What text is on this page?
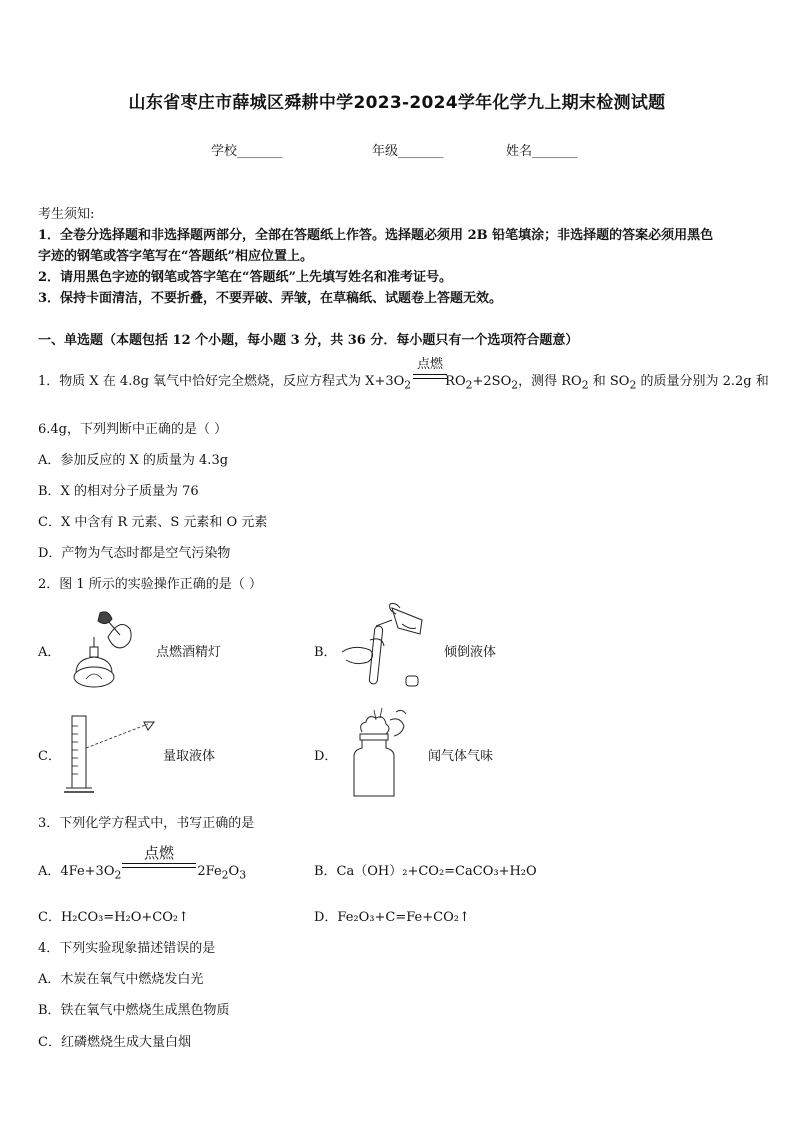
山东省枣庄市薛城区舜耕中学2023-2024学年化学九上期末检测试题
学校_______	年级_______	姓名_______
考生须知:
1．全卷分选择题和非选择题两部分，全部在答题纸上作答。选择题必须用 2B 铅笔填涂；非选择题的答案必须用黑色
字迹的钢笔或答字笔写在“答题纸”相应位置上。
2．请用黑色字迹的钢笔或答字笔在“答题纸”上先填写姓名和准考证号。
3．保持卡面清洁，不要折叠，不要弄破、弄皱，在草稿纸、试题卷上答题无效。
一、单选题（本题包括 12 个小题，每小题 3 分，共 36 分．每小题只有一个选项符合题意）
1．物质 X 在 4.8g 氧气中恰好完全燃烧，反应方程式为 $X+3O_2$	$RO_2+2SO_2$，测得 $RO_2$ 和 $SO_2$ 的质量分别为 2.2g 和
点燃
6.4g，下列判断中正确的是（ ）
A．参加反应的 X 的质量为 4.3g
B．X 的相对分子质量为 76
C．X 中含有 R 元素、S 元素和 O 元素
D．产物为气态时都是空气污染物
2．图 1 所示的实验操作正确的是（ ）
A．	点燃酒精灯	B．	倾倒液体
C．	量取液体	D．	闻气体气味
3．下列化学方程式中，书写正确的是
A．$4Fe+3O_2$	$2Fe_2O_3$
点燃
B．Ca（OH）₂+CO₂=CaCO₃+H₂O
C．H₂CO₃=H₂O+CO₂↑	D．Fe₂O₃+C=Fe+CO₂↑
4．下列实验现象描述错误的是
A．木炭在氧气中燃烧发白光
B．铁在氧气中燃烧生成黑色物质
C．红磷燃烧生成大量白烟
